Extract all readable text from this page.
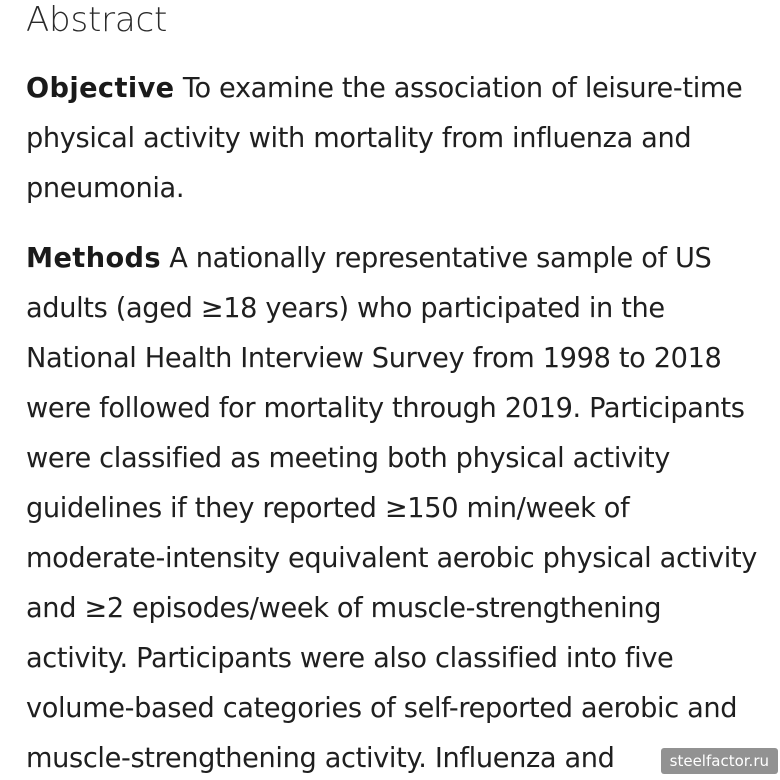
Abstract
Objective To examine the association of leisure-time
physical activity with mortality from influenza and
pneumonia.
Methods A nationally representative sample of US
adults (aged ≥18 years) who participated in the
National Health Interview Survey from 1998 to 2018
were followed for mortality through 2019. Participants
were classified as meeting both physical activity
guidelines if they reported ≥150 min/week of
moderate-intensity equivalent aerobic physical activity
and ≥2 episodes/week of muscle-strengthening
activity. Participants were also classified into five
volume-based categories of self-reported aerobic and
muscle-strengthening activity. Influenza and	steelfactor.ru
